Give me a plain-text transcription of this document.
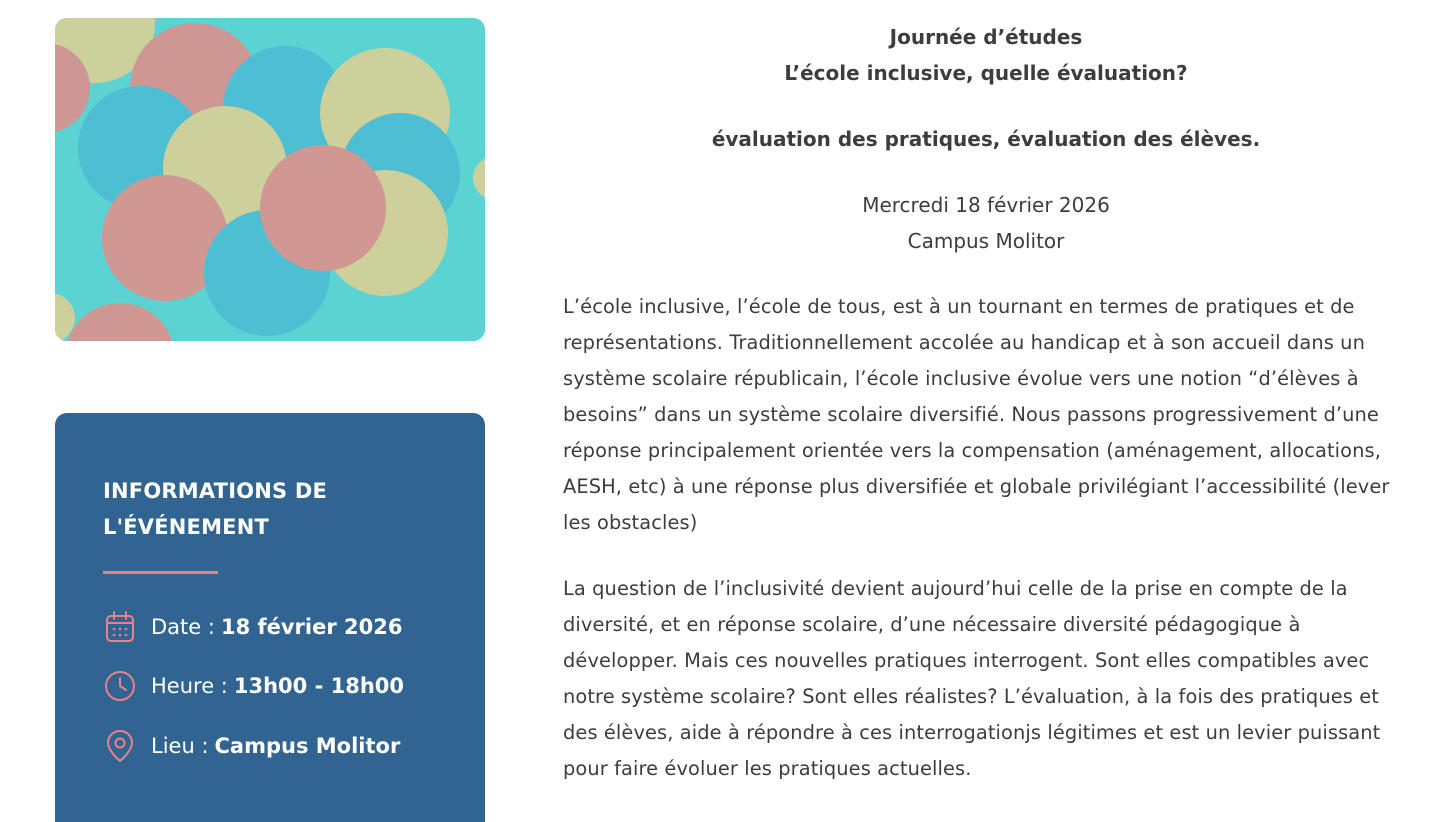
INFORMATIONS DE L'ÉVÉNEMENT
Date : 18 février 2026
Heure : 13h00 - 18h00
Lieu : Campus Molitor

Journée d’études

L’école inclusive, quelle évaluation?

évaluation des pratiques, évaluation des élèves.

Mercredi 18 février 2026

Campus Molitor

L’école inclusive, l’école de tous, est à un tournant en termes de pratiques et de représentations. Traditionnellement accolée au handicap et à son accueil dans un système scolaire républicain, l’école inclusive évolue vers une notion “d’élèves à besoins” dans un système scolaire diversifié. Nous passons progressivement d’une réponse principalement orientée vers la compensation (aménagement, allocations, AESH, etc) à une réponse plus diversifiée et globale privilégiant l’accessibilité (lever les obstacles)

La question de l’inclusivité devient aujourd’hui celle de la prise en compte de la diversité, et en réponse scolaire, d’une nécessaire diversité pédagogique à développer. Mais ces nouvelles pratiques interrogent. Sont elles compatibles avec notre système scolaire? Sont elles réalistes? L’évaluation, à la fois des pratiques et des élèves, aide à répondre à ces interrogationjs légitimes et est un levier puissant pour faire évoluer les pratiques actuelles.
